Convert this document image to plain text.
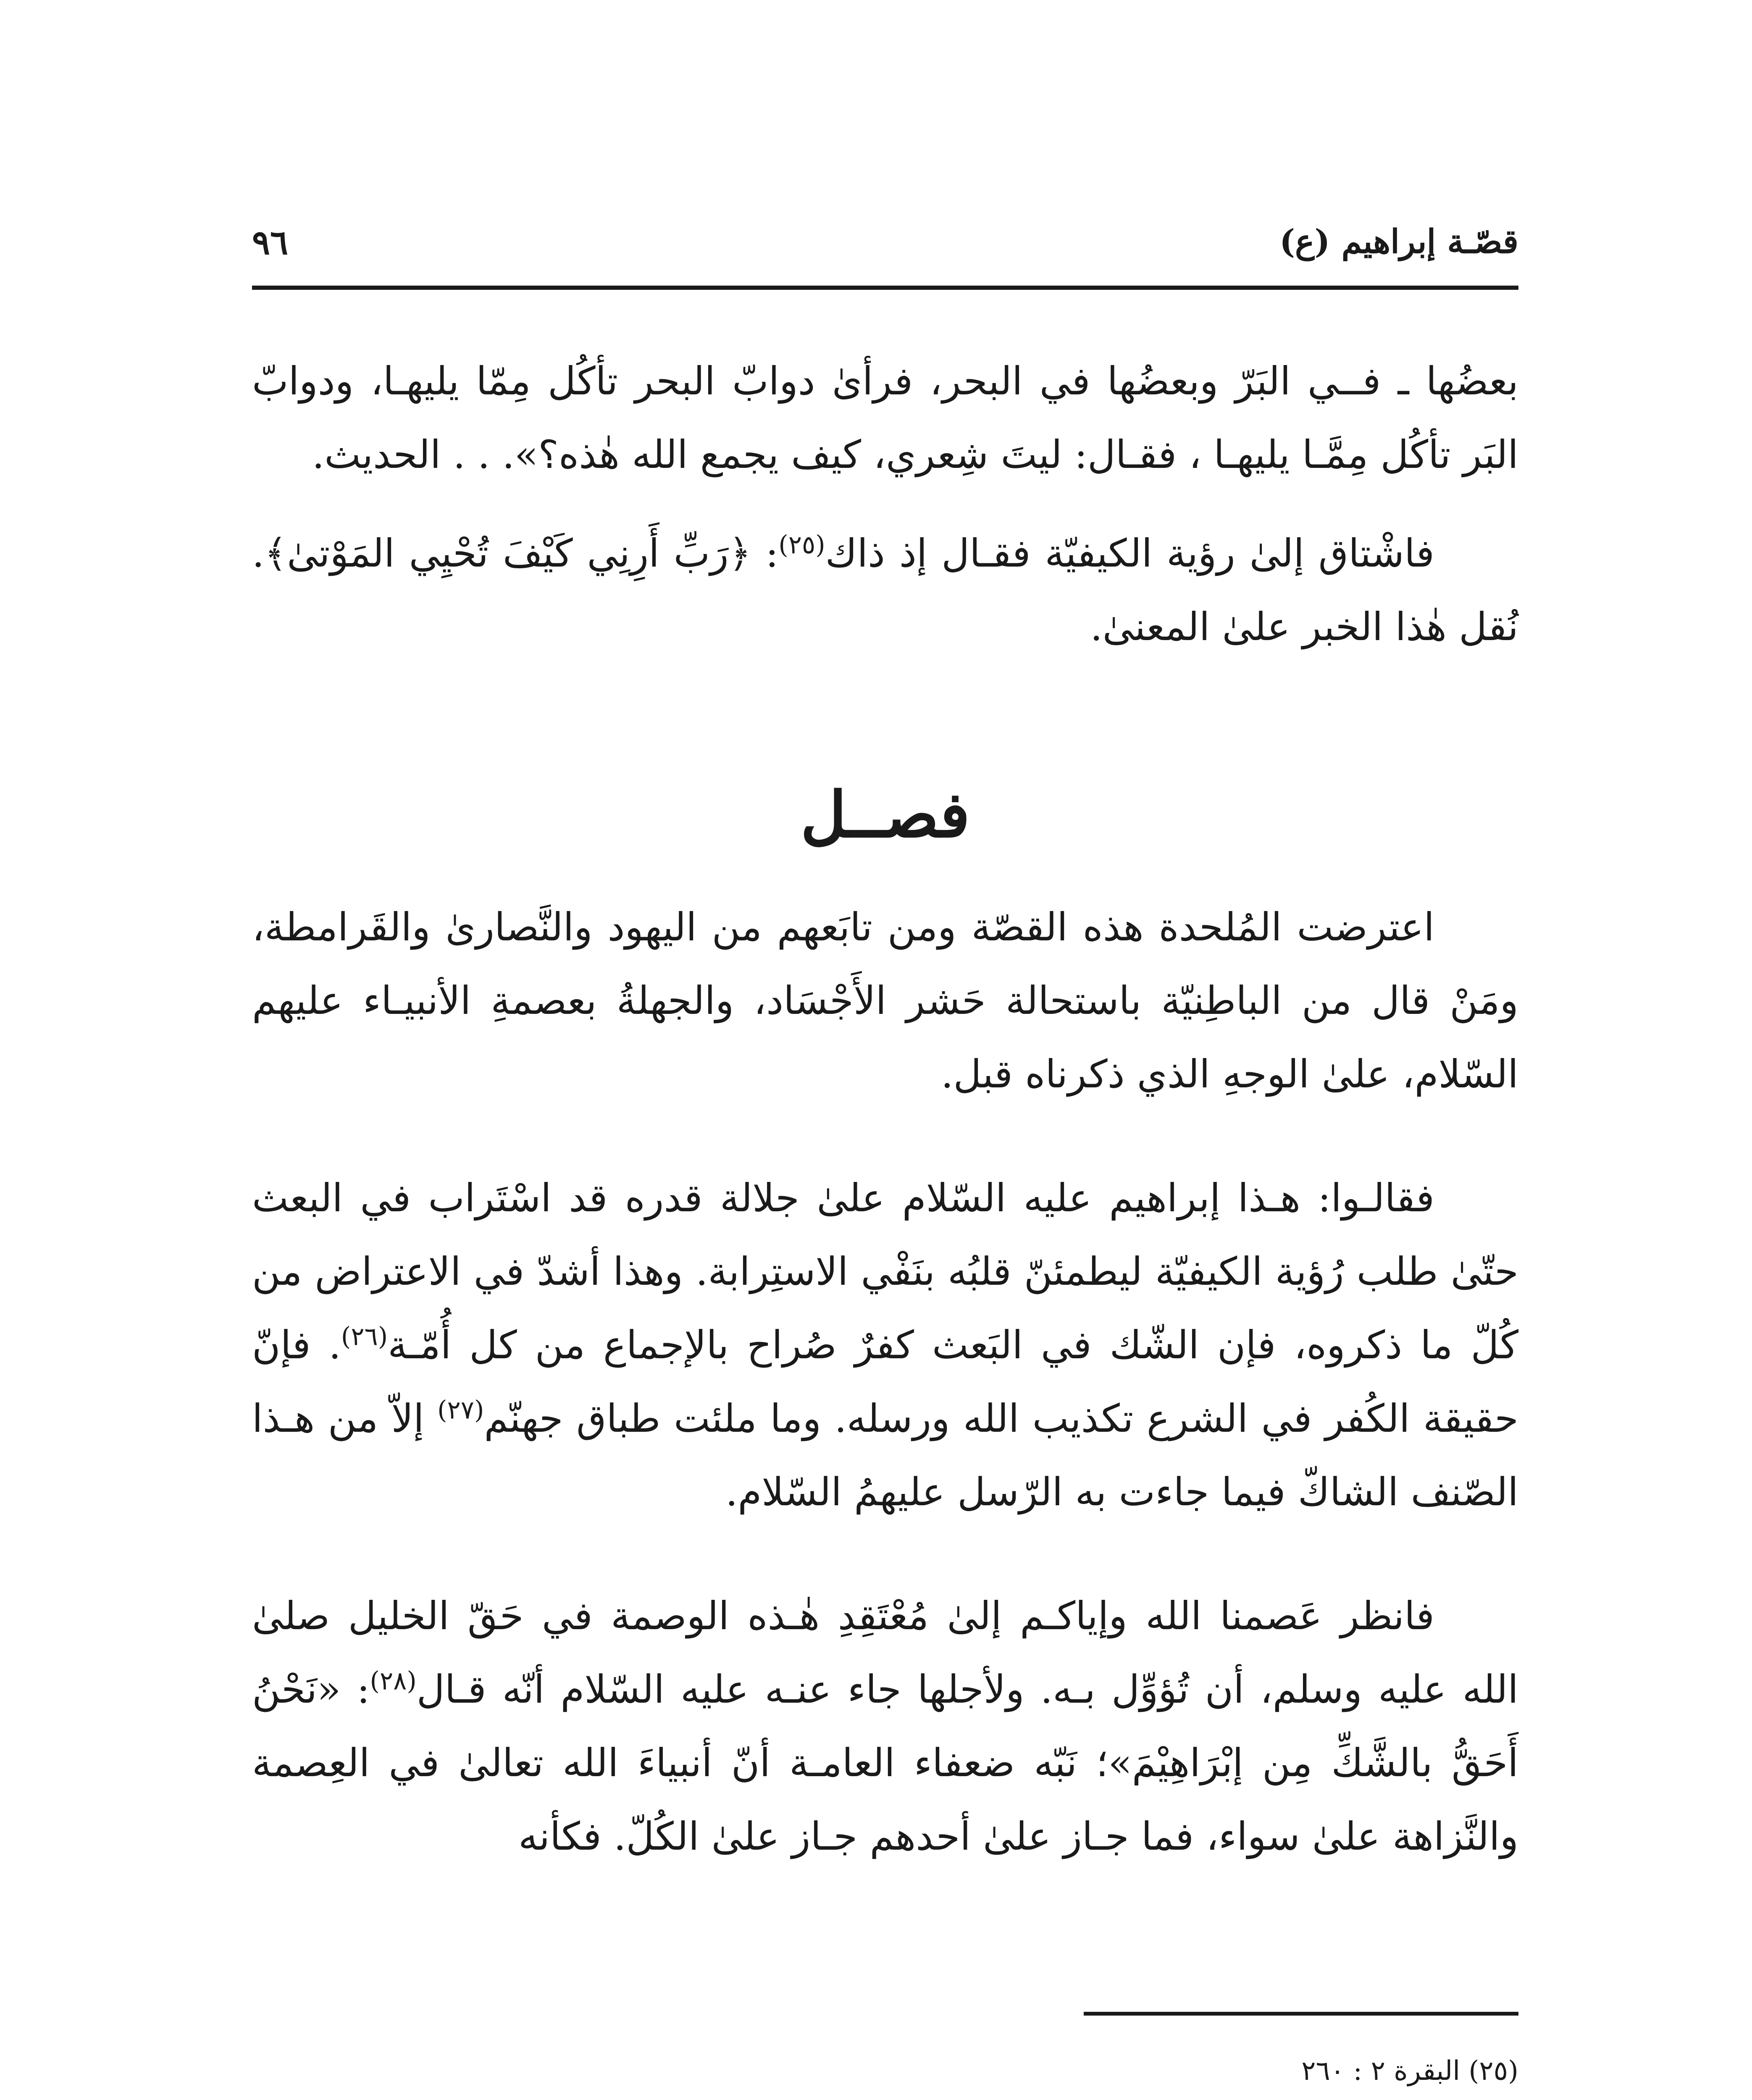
قصّـة إبراهيم (ع)
٩٦

بعضُها ـ فــي البَرّ وبعضُها في البحر، فرأىٰ دوابّ البحر تأكُل مِمّا يليهـا، ودوابّ البَر تأكُل مِمَّـا يليهـا ، فقـال: ليتَ شِعري، كيف يجمع الله هٰذه؟». . . الحديث.

فاشْتاق إلىٰ رؤية الكيفيّة فقـال إذ ذاك$^{(٢٥)}$: ﴿رَبِّ أَرِنِي كَيْفَ تُحْيِي المَوْتىٰ﴾. نُقل هٰذا الخبر علىٰ المعنىٰ.

فصــل

اعترضت المُلحدة هذه القصّة ومن تابَعهم من اليهود والنَّصارىٰ والقَرامطة، ومَنْ قال من الباطِنيّة باستحالة حَشر الأَجْسَاد، والجهلةُ بعصمةِ الأنبيـاء عليهم السّلام، علىٰ الوجهِ الذي ذكرناه قبل.

فقالـوا: هـذا إبراهيم عليه السّلام علىٰ جلالة قدره قد اسْتَراب في البعث حتّىٰ طلب رُؤية الكيفيّة ليطمئنّ قلبُه بنَفْي الاستِرابة. وهذا أشدّ في الاعتراض من كُلّ ما ذكروه، فإن الشّك في البَعث كفرٌ صُراح بالإجماع من كل أُمّـة$^{(٢٦)}$. فإنّ حقيقة الكُفر في الشرع تكذيب الله ورسله. وما ملئت طباق جهنّم$^{(٢٧)}$ إلاّ من هـذا الصّنف الشاكّ فيما جاءت به الرّسل عليهمُ السّلام.

فانظر عَصمنا الله وإياكـم إلىٰ مُعْتَقِدِ هٰـذه الوصمة في حَقّ الخليل صلىٰ الله عليه وسلم، أن تُؤوِّل بـه. ولأجلها جاء عنـه عليه السّلام أنّه قـال$^{(٢٨)}$: «نَحْنُ أَحَقُّ بالشَّكِّ مِن إبْرَاهِيْمَ»؛ نَبّه ضعفاء العامـة أنّ أنبياءَ الله تعالىٰ في العِصمة والنَّزاهة علىٰ سواء، فما جـاز علىٰ أحدهم جـاز علىٰ الكُلّ. فكأنه

(٢٥) البقرة ٢ : ٢٦٠
